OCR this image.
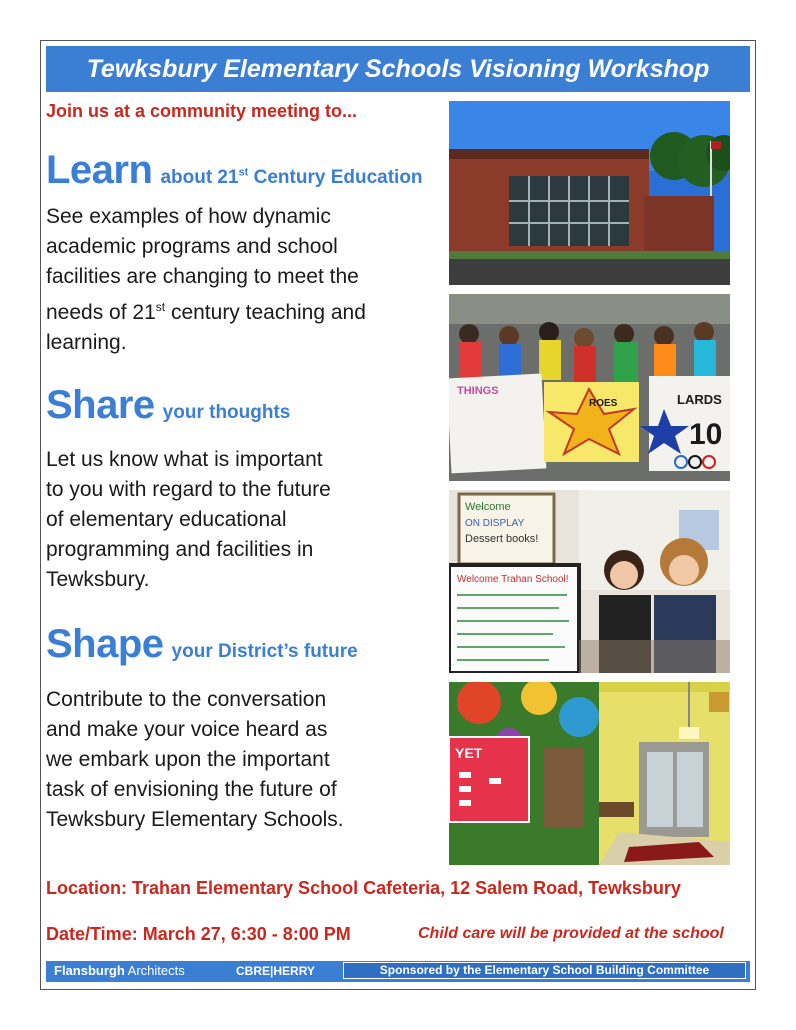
Tewksbury Elementary Schools Visioning Workshop
Join us at a community meeting to...
Learn about 21st Century Education
See examples of how dynamic
academic programs and school
facilities are changing to meet the
needs of 21st century teaching and
learning.
Share your thoughts
Let us know what is important
to you with regard to the future
of elementary educational
programming and facilities in
Tewksbury.
Shape your District’s future
Contribute to the conversation
and make your voice heard as
we embark upon the important
task of envisioning the future of
Tewksbury Elementary Schools.
THINGS
ROES	LARDS
10
Welcome
ON DISPLAY
Dessert books!
Welcome Trahan School!
YET
Location: Trahan Elementary School Cafeteria, 12 Salem Road, Tewksbury
Date/Time: March 27, 6:30 - 8:00 PM	Child care will be provided at the school
Flansburgh Architects	CBRE|HERRY	Sponsored by the Elementary School Building Committee
